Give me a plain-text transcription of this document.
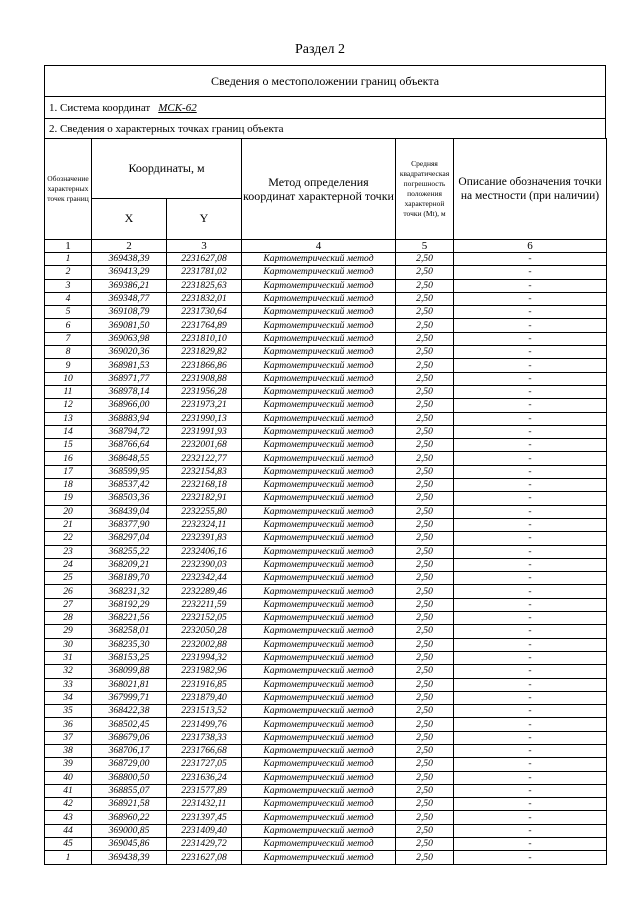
Раздел 2
Сведения о местоположении границ объекта
1. Система координат МСК-62
2. Сведения о характерных точках границ объекта
Обозначение характерных точек границ	Координаты, м		Метод определения координат характерной точки	Средняя квадратическая погрешность положения характерной точки (Mt), м	Описание обозначения точки на местности (при наличии)
	X	Y			
1	2	3	4	5	6
1	369438,39	2231627,08	Картометрический метод	2,50	-
2	369413,29	2231781,02	Картометрический метод	2,50	-
3	369386,21	2231825,63	Картометрический метод	2,50	-
4	369348,77	2231832,01	Картометрический метод	2,50	-
5	369108,79	2231730,64	Картометрический метод	2,50	-
6	369081,50	2231764,89	Картометрический метод	2,50	-
7	369063,98	2231810,10	Картометрический метод	2,50	-
8	369020,36	2231829,82	Картометрический метод	2,50	-
9	368981,53	2231866,86	Картометрический метод	2,50	-
10	368971,77	2231908,88	Картометрический метод	2,50	-
11	368978,14	2231956,28	Картометрический метод	2,50	-
12	368966,00	2231973,21	Картометрический метод	2,50	-
13	368883,94	2231990,13	Картометрический метод	2,50	-
14	368794,72	2231991,93	Картометрический метод	2,50	-
15	368766,64	2232001,68	Картометрический метод	2,50	-
16	368648,55	2232122,77	Картометрический метод	2,50	-
17	368599,95	2232154,83	Картометрический метод	2,50	-
18	368537,42	2232168,18	Картометрический метод	2,50	-
19	368503,36	2232182,91	Картометрический метод	2,50	-
20	368439,04	2232255,80	Картометрический метод	2,50	-
21	368377,90	2232324,11	Картометрический метод	2,50	-
22	368297,04	2232391,83	Картометрический метод	2,50	-
23	368255,22	2232406,16	Картометрический метод	2,50	-
24	368209,21	2232390,03	Картометрический метод	2,50	-
25	368189,70	2232342,44	Картометрический метод	2,50	-
26	368231,32	2232289,46	Картометрический метод	2,50	-
27	368192,29	2232211,59	Картометрический метод	2,50	-
28	368221,56	2232152,05	Картометрический метод	2,50	-
29	368258,01	2232050,28	Картометрический метод	2,50	-
30	368235,30	2232002,88	Картометрический метод	2,50	-
31	368153,25	2231994,32	Картометрический метод	2,50	-
32	368099,88	2231982,96	Картометрический метод	2,50	-
33	368021,81	2231916,85	Картометрический метод	2,50	-
34	367999,71	2231879,40	Картометрический метод	2,50	-
35	368422,38	2231513,52	Картометрический метод	2,50	-
36	368502,45	2231499,76	Картометрический метод	2,50	-
37	368679,06	2231738,33	Картометрический метод	2,50	-
38	368706,17	2231766,68	Картометрический метод	2,50	-
39	368729,00	2231727,05	Картометрический метод	2,50	-
40	368800,50	2231636,24	Картометрический метод	2,50	-
41	368855,07	2231577,89	Картометрический метод	2,50	-
42	368921,58	2231432,11	Картометрический метод	2,50	-
43	368960,22	2231397,45	Картометрический метод	2,50	-
44	369000,85	2231409,40	Картометрический метод	2,50	-
45	369045,86	2231429,72	Картометрический метод	2,50	-
1	369438,39	2231627,08	Картометрический метод	2,50	-
